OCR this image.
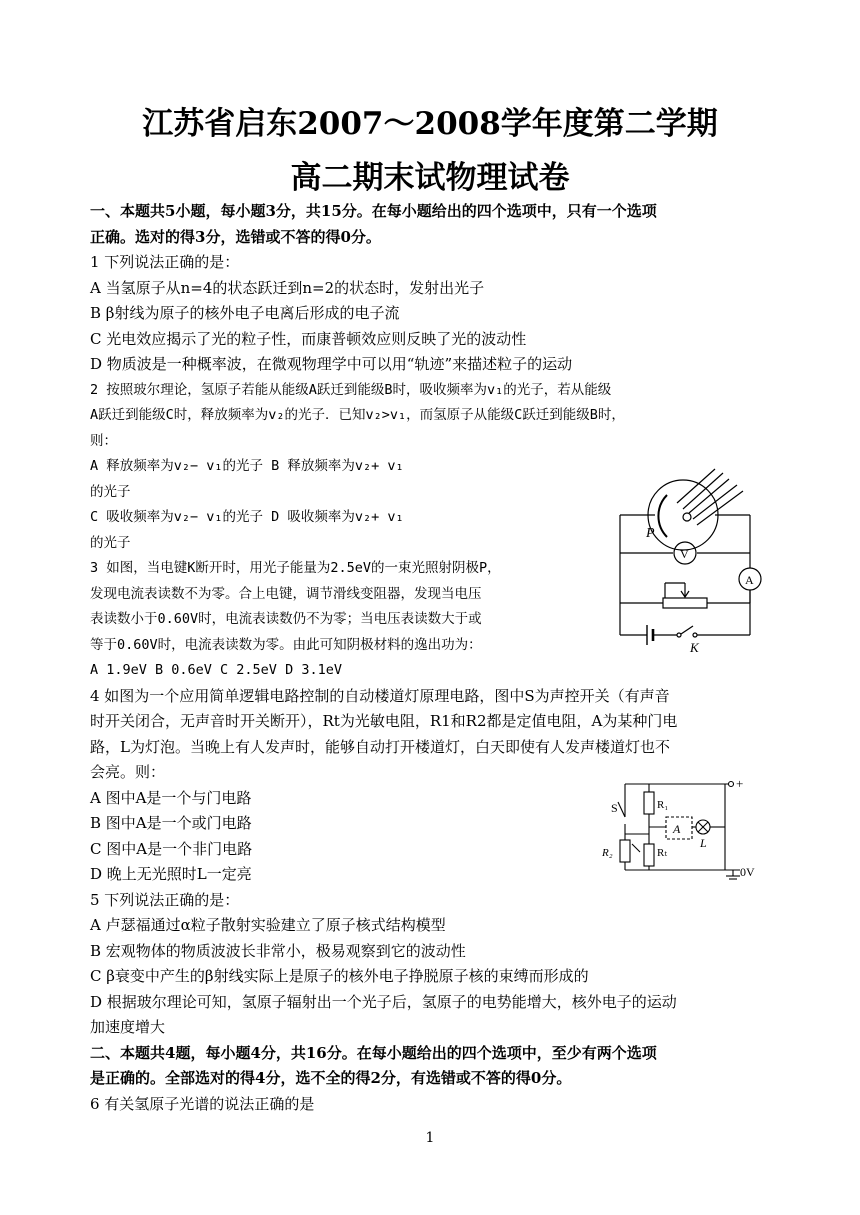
江苏省启东2007～2008学年度第二学期
高二期末试物理试卷
一、本题共5小题，每小题3分，共15分。在每小题给出的四个选项中，只有一个选项
正确。选对的得3分，选错或不答的得0分。
1 下列说法正确的是：
A 当氢原子从n=4的状态跃迁到n=2的状态时，发射出光子
B β射线为原子的核外电子电离后形成的电子流
C 光电效应揭示了光的粒子性，而康普顿效应则反映了光的波动性
D 物质波是一种概率波，在微观物理学中可以用“轨迹”来描述粒子的运动
2 按照玻尔理论，氢原子若能从能级A跃迁到能级B时，吸收频率为v₁的光子，若从能级
A跃迁到能级C时，释放频率为v₂的光子．已知v₂>v₁，而氢原子从能级C跃迁到能级B时，
则：
A 释放频率为v₂− v₁的光子 B 释放频率为v₂+ v₁
的光子
C 吸收频率为v₂− v₁的光子 D 吸收频率为v₂+ v₁
的光子
3 如图，当电键K断开时，用光子能量为2.5eV的一束光照射阴极P，
发现电流表读数不为零。合上电键，调节滑线变阻器，发现当电压
表读数小于0.60V时，电流表读数仍不为零；当电压表读数大于或
等于0.60V时，电流表读数为零。由此可知阴极材料的逸出功为：
A 1.9eV B 0.6eV C 2.5eV D 3.1eV
4 如图为一个应用简单逻辑电路控制的自动楼道灯原理电路，图中S为声控开关（有声音
时开关闭合，无声音时开关断开），Rt为光敏电阻，R1和R2都是定值电阻，A为某种门电
路，L为灯泡。当晚上有人发声时，能够自动打开楼道灯，白天即使有人发声楼道灯也不
会亮。则：
A 图中A是一个与门电路
B 图中A是一个或门电路
C 图中A是一个非门电路
D 晚上无光照时L一定亮
5 下列说法正确的是：
A 卢瑟福通过α粒子散射实验建立了原子核式结构模型
B 宏观物体的物质波波长非常小，极易观察到它的波动性
C β衰变中产生的β射线实际上是原子的核外电子挣脱原子核的束缚而形成的
D 根据玻尔理论可知，氢原子辐射出一个光子后，氢原子的电势能增大，核外电子的运动
加速度增大
二、本题共4题，每小题4分，共16分。在每小题给出的四个选项中，至少有两个选项
是正确的。全部选对的得4分，选不全的得2分，有选错或不答的得0分。
6 有关氢原子光谱的说法正确的是
P
V
A
K
S	R₁
A
L
R₂	Rₜ
+
0V
1
